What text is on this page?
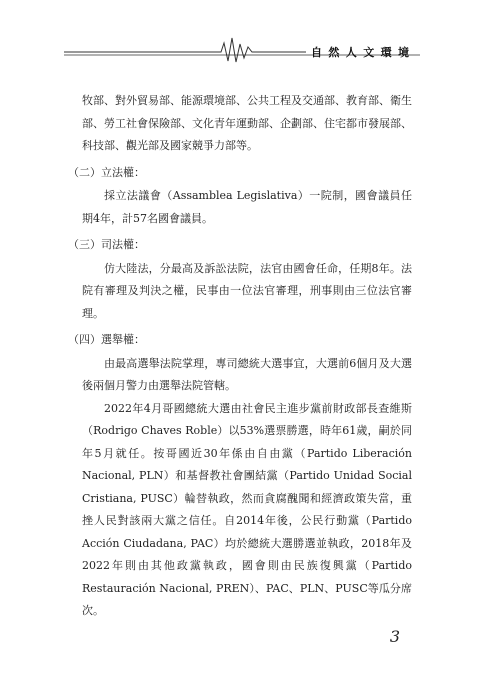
自然人文環境

牧部、對外貿易部、能源環境部、公共工程及交通部、教育部、衛生部、勞工社會保險部、文化青年運動部、企劃部、住宅都市發展部、科技部、觀光部及國家競爭力部等。

（二）立法權：

採立法議會（Assamblea Legislativa）一院制，國會議員任期4年，計57名國會議員。

（三）司法權：

仿大陸法，分最高及訴訟法院，法官由國會任命，任期8年。法院有審理及判決之權，民事由一位法官審理，刑事則由三位法官審理。

（四）選舉權：

由最高選舉法院掌理，專司總統大選事宜，大選前6個月及大選後兩個月警力由選舉法院管轄。

2022年4月哥國總統大選由社會民主進步黨前財政部長查維斯（Rodrigo Chaves Roble）以53%選票勝選，時年61歲，嗣於同年5月就任。按哥國近30年係由自由黨（Partido Liberación Nacional, PLN）和基督教社會團結黨（Partido Unidad Social Cristiana, PUSC）輪替執政，然而貪腐醜聞和經濟政策失當，重挫人民對該兩大黨之信任。自2014年後，公民行動黨（Partido Acción Ciudadana, PAC）均於總統大選勝選並執政，2018年及2022年則由其他政黨執政，國會則由民族復興黨（Partido Restauración Nacional, PREN）、PAC、PLN、PUSC等瓜分席次。

3
